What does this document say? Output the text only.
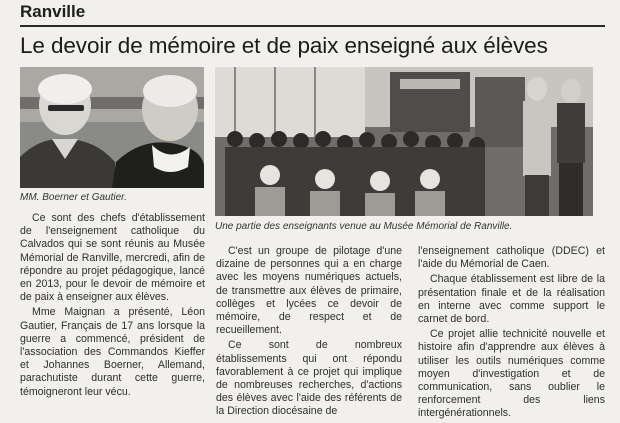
Ranville
Le devoir de mémoire et de paix enseigné aux élèves
MM. Boerner et Gautier.
Une partie des enseignants venue au Musée Mémorial de Ranville.

Ce sont des chefs d'établissement de l'enseignement catholique du Calvados qui se sont réunis au Musée Mémorial de Ranville, mercredi, afin de répondre au projet pédagogique, lancé en 2013, pour le devoir de mémoire et de paix à enseigner aux élèves.

Mme Maignan a présenté, Léon Gautier, Français de 17 ans lorsque la guerre a commencé, président de l'association des Commandos Kieffer et Johannes Boerner, Allemand, parachutiste durant cette guerre, témoigneront leur vécu.

C'est un groupe de pilotage d'une dizaine de personnes qui a en charge avec les moyens numériques actuels, de transmettre aux élèves de primaire, collèges et lycées ce devoir de mémoire, de respect et de recueillement.

Ce sont de nombreux établissements qui ont répondu favorablement à ce projet qui implique de nombreuses recherches, d'actions des élèves avec l'aide des référents de la Direction diocésaine de

l'enseignement catholique (DDEC) et l'aide du Mémorial de Caen.

Chaque établissement est libre de la présentation finale et de la réalisation en interne avec comme support le carnet de bord.

Ce projet allie technicité nouvelle et histoire afin d'apprendre aux élèves à utiliser les outils numériques comme moyen d'investigation et de communication, sans oublier le renforcement des liens intergénérationnels.
